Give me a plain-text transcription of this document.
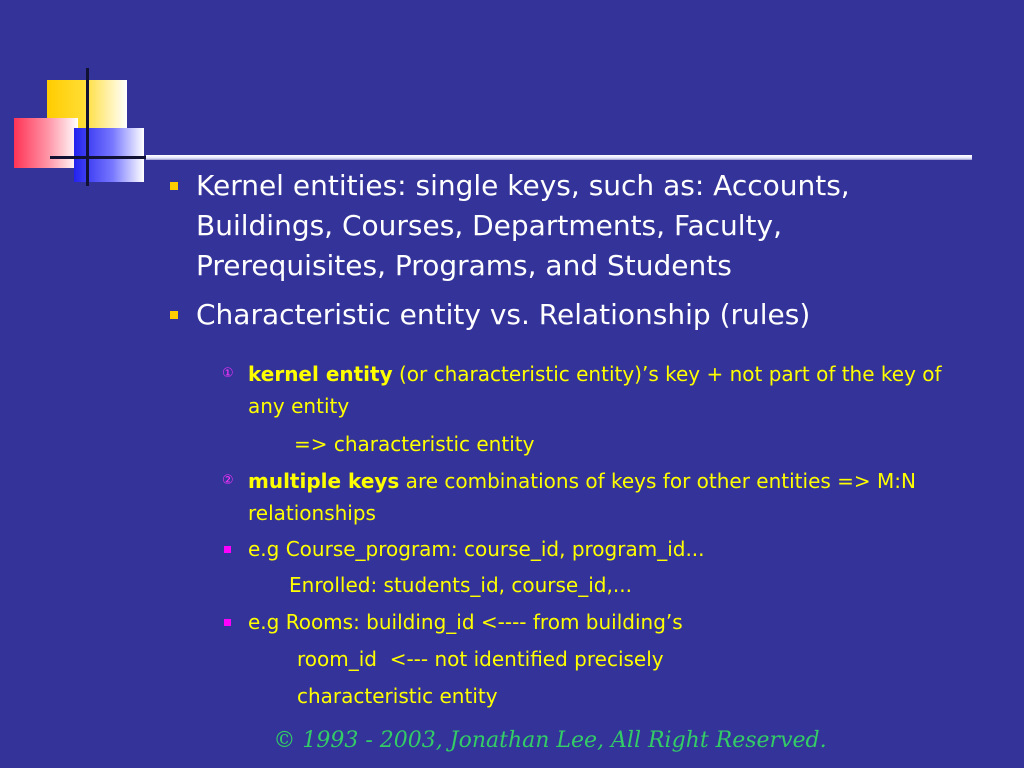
Kernel entities: single keys, such as: Accounts, Buildings, Courses, Departments, Faculty, Prerequisites, Programs, and Students
Characteristic entity vs. Relationship (rules)
① kernel entity (or characteristic entity)’s key + not part of the key of any entity
=> characteristic entity
② multiple keys are combinations of keys for other entities => M:N relationships
e.g Course_program: course_id, program_id...
Enrolled: students_id, course_id,...
e.g Rooms: building_id <---- from building’s
room_id  <--- not identified precisely
characteristic entity
© 1993 - 2003, Jonathan Lee, All Right Reserved.
